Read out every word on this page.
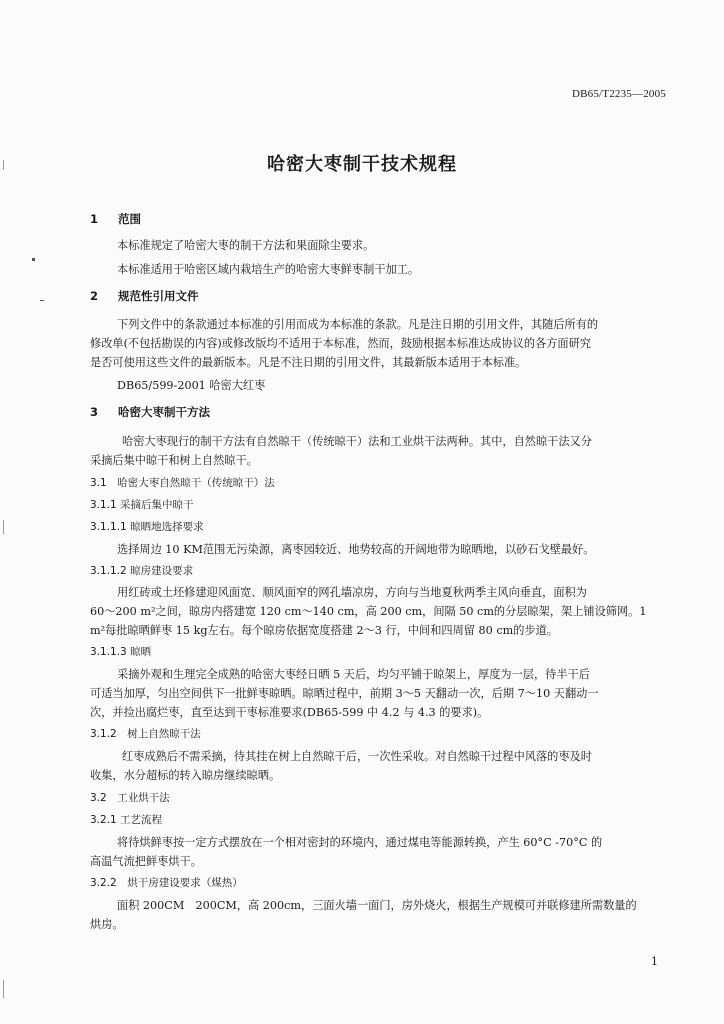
DB65/T2235—2005
哈密大枣制干技术规程
1 范围
本标准规定了哈密大枣的制干方法和果面除尘要求。
本标准适用于哈密区域内栽培生产的哈密大枣鲜枣制干加工。
2 规范性引用文件
下列文件中的条款通过本标准的引用而成为本标准的条款。凡是注日期的引用文件，其随后所有的
修改单(不包括勘误的内容)或修改版均不适用于本标准，然而，鼓励根据本标准达成协议的各方面研究
是否可使用这些文件的最新版本。凡是不注日期的引用文件，其最新版本适用于本标准。
DB65/599-2001 哈密大红枣
3 哈密大枣制干方法
哈密大枣现行的制干方法有自然晾干（传统晾干）法和工业烘干法两种。其中，自然晾干法又分
采摘后集中晾干和树上自然晾干。
3.1　哈密大枣自然晾干（传统晾干）法
3.1.1 采摘后集中晾干
3.1.1.1 晾晒地选择要求
选择周边 10 KM范围无污染源，离枣园较近、地势较高的开阔地带为晾晒地，以砂石戈壁最好。
3.1.1.2 晾房建设要求
用红砖或土坯修建迎风面宽、顺风面窄的网孔墙凉房，方向与当地夏秋两季主风向垂直，面积为
60～200 m²之间，晾房内搭建宽 120 cm～140 cm，高 200 cm，间隔 50 cm的分层晾架，架上铺设筛网。1
m²每批晾晒鲜枣 15 kg左右。每个晾房依据宽度搭建 2～3 行，中间和四周留 80 cm的步道。
3.1.1.3 晾晒
采摘外观和生理完全成熟的哈密大枣经日晒 5 天后，均匀平铺于晾架上，厚度为一层，待半干后
可适当加厚，匀出空间供下一批鲜枣晾晒。晾晒过程中，前期 3～5 天翻动一次，后期 7～10 天翻动一
次，并捡出腐烂枣，直至达到干枣标准要求(DB65-599 中 4.2 与 4.3 的要求)。
3.1.2　树上自然晾干法
红枣成熟后不需采摘，待其挂在树上自然晾干后，一次性采收。对自然晾干过程中风落的枣及时
收集，水分超标的转入晾房继续晾晒。
3.2　工业烘干法
3.2.1 工艺流程
将待烘鲜枣按一定方式摆放在一个相对密封的环境内，通过煤电等能源转换，产生 60°C -70°C 的
高温气流把鲜枣烘干。
3.2.2　烘干房建设要求（煤热）
面积 200CM　200CM，高 200cm，三面火墙一面门，房外烧火，根据生产规模可并联修建所需数量的
烘房。
1
